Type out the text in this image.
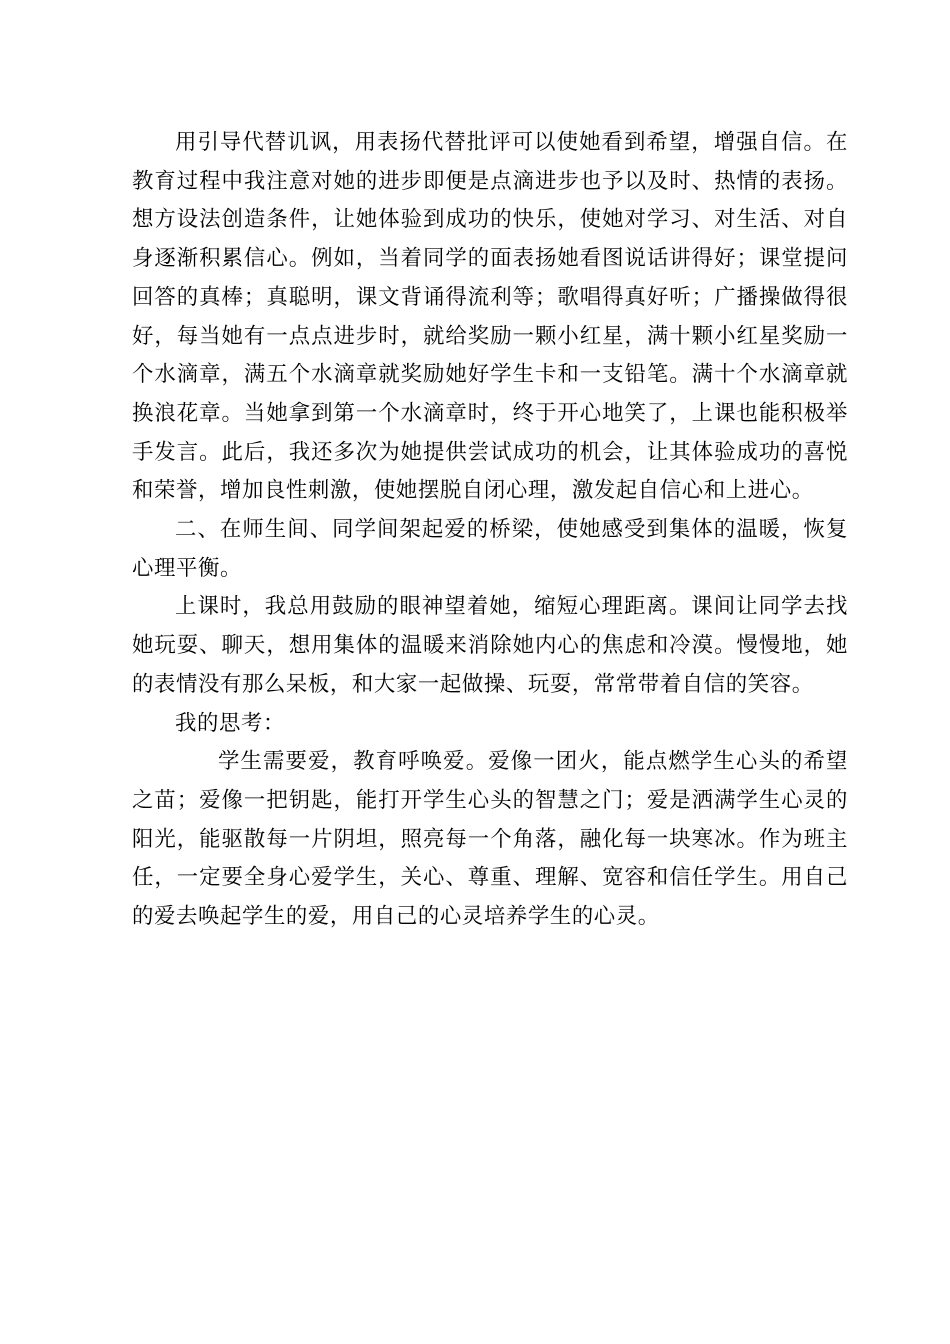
用引导代替讥讽，用表扬代替批评可以使她看到希望，增强自信。在教育过程中我注意对她的进步即便是点滴进步也予以及时、热情的表扬。想方设法创造条件，让她体验到成功的快乐，使她对学习、对生活、对自身逐渐积累信心。例如，当着同学的面表扬她看图说话讲得好；课堂提问回答的真棒；真聪明，课文背诵得流利等；歌唱得真好听；广播操做得很好，每当她有一点点进步时，就给奖励一颗小红星，满十颗小红星奖励一个水滴章，满五个水滴章就奖励她好学生卡和一支铅笔。满十个水滴章就换浪花章。当她拿到第一个水滴章时，终于开心地笑了，上课也能积极举手发言。此后，我还多次为她提供尝试成功的机会，让其体验成功的喜悦和荣誉，增加良性刺激，使她摆脱自闭心理，激发起自信心和上进心。

二、在师生间、同学间架起爱的桥梁，使她感受到集体的温暖，恢复心理平衡。

上课时，我总用鼓励的眼神望着她，缩短心理距离。课间让同学去找她玩耍、聊天，想用集体的温暖来消除她内心的焦虑和冷漠。慢慢地，她的表情没有那么呆板，和大家一起做操、玩耍，常常带着自信的笑容。

我的思考：

学生需要爱，教育呼唤爱。爱像一团火，能点燃学生心头的希望之苗；爱像一把钥匙，能打开学生心头的智慧之门；爱是洒满学生心灵的阳光，能驱散每一片阴坦，照亮每一个角落，融化每一块寒冰。作为班主任，一定要全身心爱学生，关心、尊重、理解、宽容和信任学生。用自己的爱去唤起学生的爱，用自己的心灵培养学生的心灵。
